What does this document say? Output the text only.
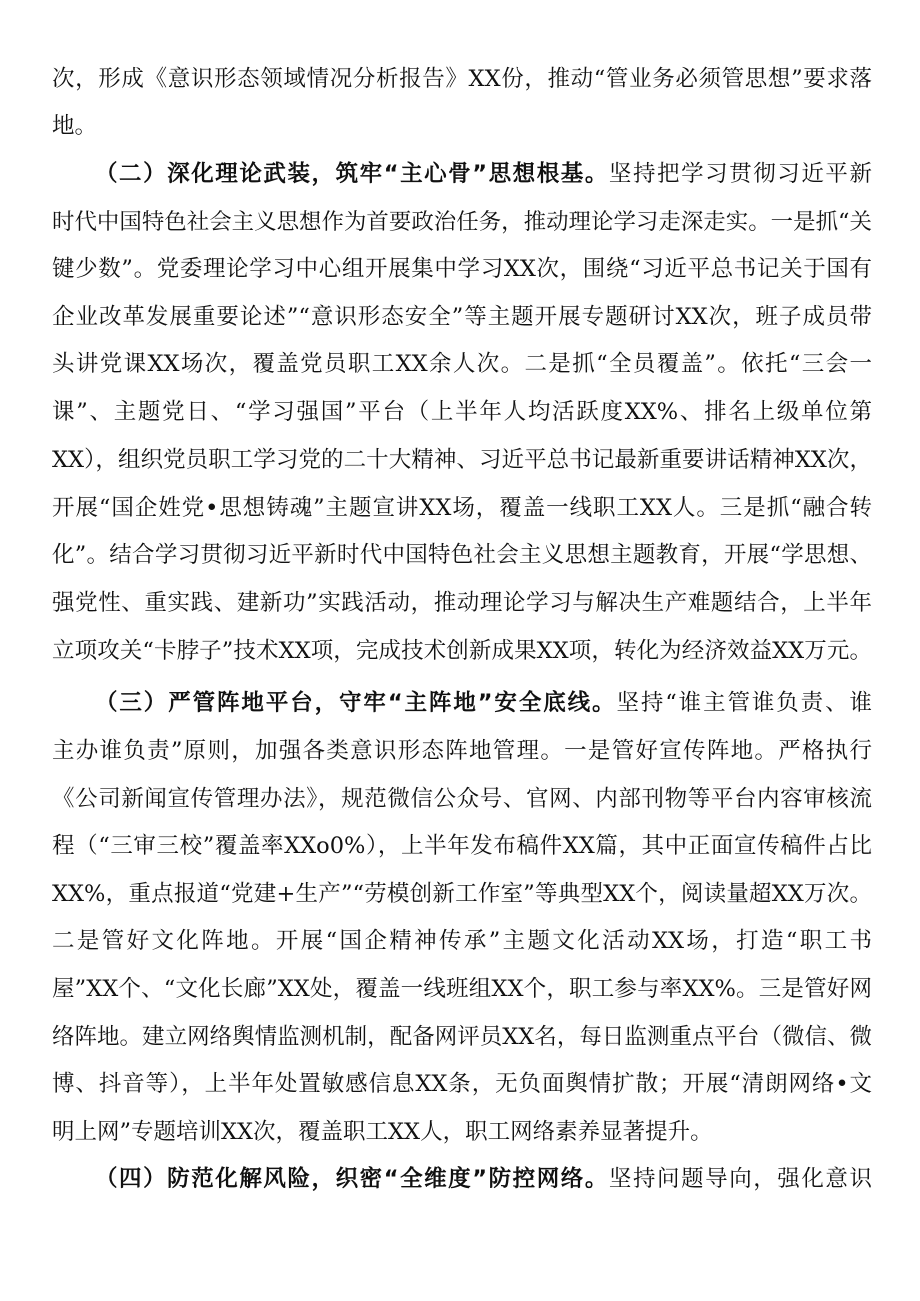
次，形成《意识形态领域情况分析报告》XX份，推动“管业务必须管思想”要求落
地。
（二）深化理论武装，筑牢“主心骨”思想根基。坚持把学习贯彻习近平新
时代中国特色社会主义思想作为首要政治任务，推动理论学习走深走实。一是抓“关
键少数”。党委理论学习中心组开展集中学习XX次，围绕“习近平总书记关于国有
企业改革发展重要论述”“意识形态安全”等主题开展专题研讨XX次，班子成员带
头讲党课XX场次，覆盖党员职工XX余人次。二是抓“全员覆盖”。依托“三会一
课”、主题党日、“学习强国”平台（上半年人均活跃度XX%、排名上级单位第
XX），组织党员职工学习党的二十大精神、习近平总书记最新重要讲话精神XX次，
开展“国企姓党•思想铸魂”主题宣讲XX场，覆盖一线职工XX人。三是抓“融合转
化”。结合学习贯彻习近平新时代中国特色社会主义思想主题教育，开展“学思想、
强党性、重实践、建新功”实践活动，推动理论学习与解决生产难题结合，上半年
立项攻关“卡脖子”技术XX项，完成技术创新成果XX项，转化为经济效益XX万元。
（三）严管阵地平台，守牢“主阵地”安全底线。坚持“谁主管谁负责、谁
主办谁负责”原则，加强各类意识形态阵地管理。一是管好宣传阵地。严格执行
《公司新闻宣传管理办法》，规范微信公众号、官网、内部刊物等平台内容审核流
程（“三审三校”覆盖率XXo0%），上半年发布稿件XX篇，其中正面宣传稿件占比
XX%，重点报道“党建+生产”“劳模创新工作室”等典型XX个，阅读量超XX万次。
二是管好文化阵地。开展“国企精神传承”主题文化活动XX场，打造“职工书
屋”XX个、“文化长廊”XX处，覆盖一线班组XX个，职工参与率XX%。三是管好网
络阵地。建立网络舆情监测机制，配备网评员XX名，每日监测重点平台（微信、微
博、抖音等），上半年处置敏感信息XX条，无负面舆情扩散；开展“清朗网络•文
明上网”专题培训XX次，覆盖职工XX人，职工网络素养显著提升。
（四）防范化解风险，织密“全维度”防控网络。坚持问题导向，强化意识
